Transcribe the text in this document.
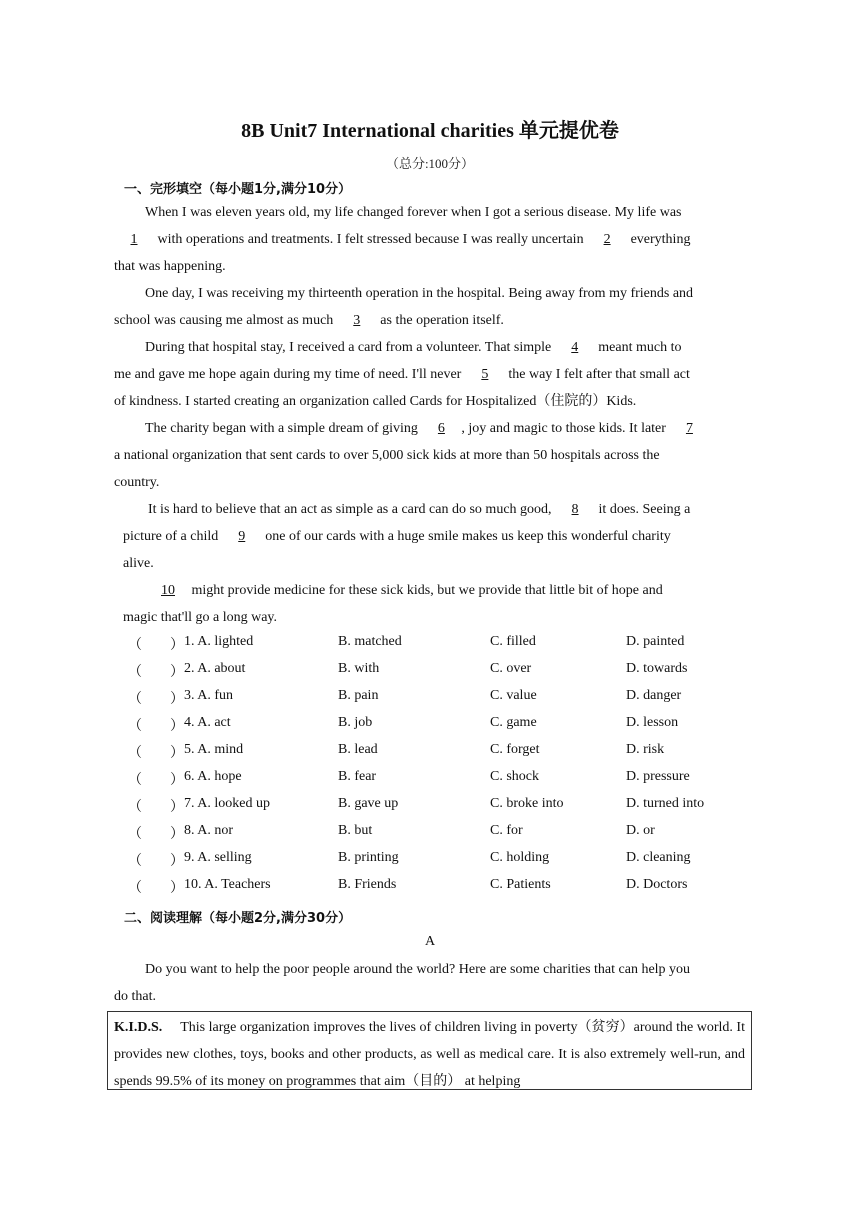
8B Unit7 International charities 单元提优卷
（总分:100分）
一、完形填空（每小题1分,满分10分）
When I was eleven years old, my life changed forever when I got a serious disease. My life was
1 with operations and treatments. I felt stressed because I was really uncertain 2 everything
that was happening.
One day, I was receiving my thirteenth operation in the hospital. Being away from my friends and
school was causing me almost as much 3 as the operation itself.
During that hospital stay, I received a card from a volunteer. That simple 4 meant much to
me and gave me hope again during my time of need. I'll never 5 the way I felt after that small act
of kindness. I started creating an organization called Cards for Hospitalized（住院的）Kids.
The charity began with a simple dream of giving 6 , joy and magic to those kids. It later 7
a national organization that sent cards to over 5,000 sick kids at more than 50 hospitals across the
country.
It is hard to believe that an act as simple as a card can do so much good, 8 it does. Seeing a
picture of a child 9 one of our cards with a huge smile makes us keep this wonderful charity
alive.
10 might provide medicine for these sick kids, but we provide that little bit of hope and
magic that'll go a long way.
（　　） 1. A. lighted	B. matched	C. filled	D. painted
（　　） 2. A. about	B. with	C. over	D. towards
（　　） 3. A. fun	B. pain	C. value	D. danger
（　　） 4. A. act	B. job	C. game	D. lesson
（　　） 5. A. mind	B. lead	C. forget	D. risk
（　　） 6. A. hope	B. fear	C. shock	D. pressure
（　　） 7. A. looked up	B. gave up	C. broke into	D. turned into
（　　） 8. A. nor	B. but	C. for	D. or
（　　） 9. A. selling	B. printing	C. holding	D. cleaning
（　　） 10. A. Teachers	B. Friends	C. Patients	D. Doctors
二、阅读理解（每小题2分,满分30分）
A
Do you want to help the poor people around the world? Here are some charities that can help you
do that.
K.I.D.S. This large organization improves the lives of children living in poverty（贫穷）around the world. It provides new clothes, toys, books and other products, as well as medical care. It is also extremely well-run, and spends 99.5% of its money on programmes that aim（目的） at helping
